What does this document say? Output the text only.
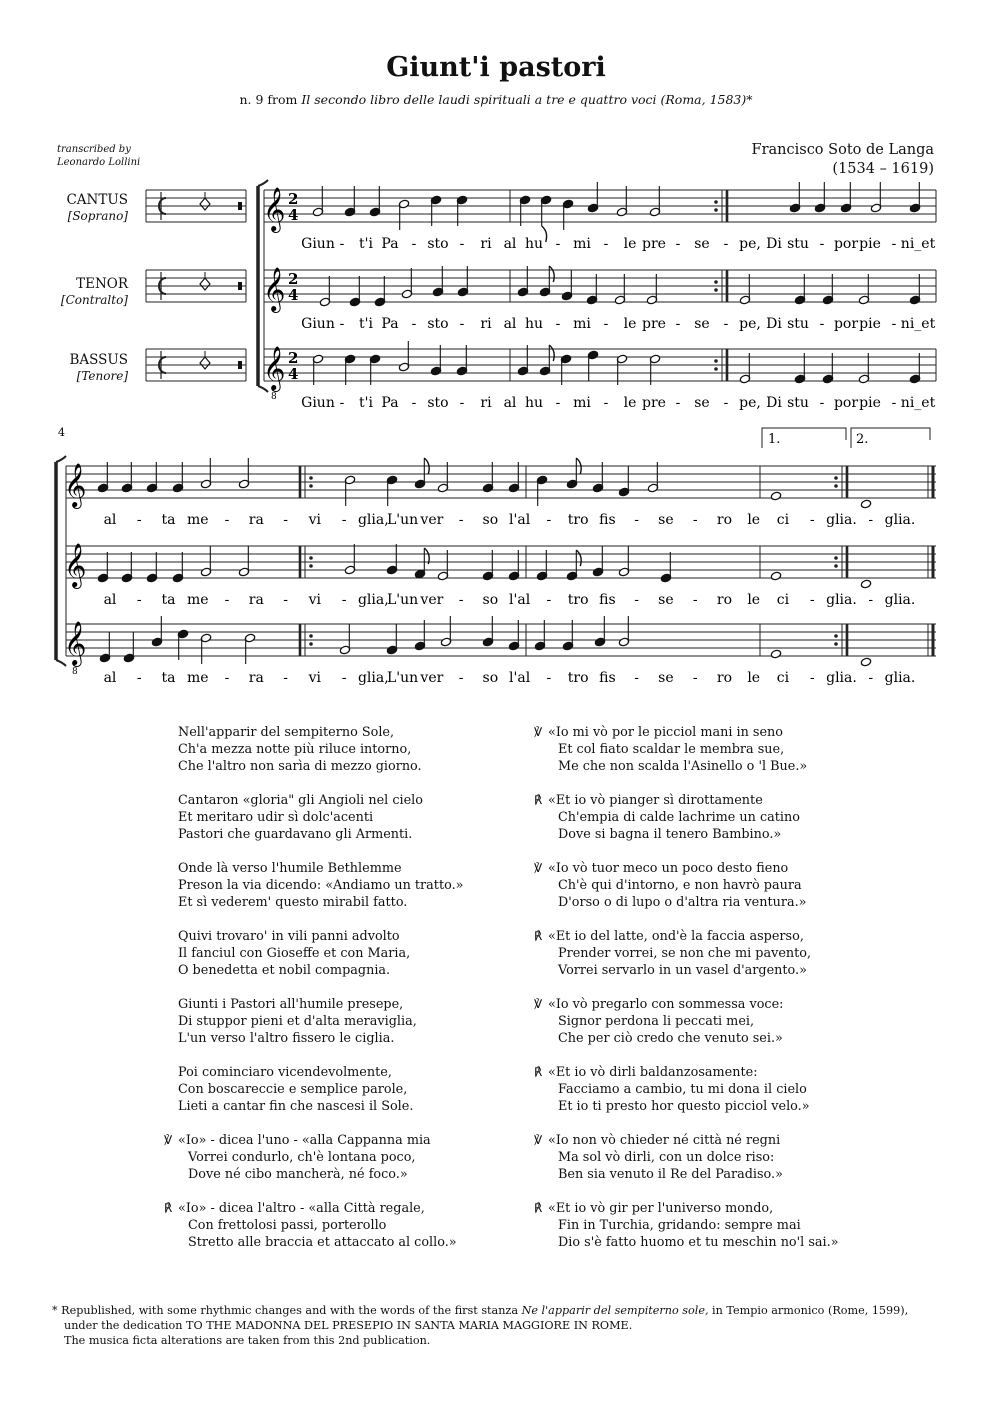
Giunt'i pastori
n. 9 from Il secondo libro delle laudi spirituali a tre e quattro voci (Roma, 1583)*
transcribed by
Leonardo Lollini
Francisco Soto de Langa
(1534 – 1619)
CANTUS
[Soprano]
TENOR
[Contralto]
BASSUS
[Tenore]
𝄞 2
4
𝄞 2
4
𝄞
8
2
4
𝄞
𝄞
𝄞
8
Giun - t'i Pa - sto - ri al hu - mi - le pre - se - pe, Di stu - por pie - ni_et
Giun - t'i Pa - sto - ri al hu - mi - le pre - se - pe, Di stu - por pie - ni_et
Giun - t'i Pa - sto - ri al hu - mi - le pre - se - pe, Di stu - por pie - ni_et
al - ta me - ra - vi - glia,
L'un ver - so l'al - tro fis - se - ro le ci - glia. - glia.
al - ta me - ra - vi - glia,
L'un ver - so l'al - tro fis - se - ro le ci - glia. - glia.
al - ta me - ra - vi - glia,
L'un ver - so l'al - tro fis - se - ro le ci - glia. - glia.
4	1.	2.
Nell'apparir del sempiterno Sole,
Ch'a mezza notte più riluce intorno,
Che l'altro non sarìa di mezzo giorno.
Cantaron «gloria" gli Angioli nel cielo
Et meritaro udir sì dolc'acenti
Pastori che guardavano gli Armenti.
Onde là verso l'humile Bethlemme
Preson la via dicendo: «Andiamo un tratto.»
Et sì vederem' questo mirabil fatto.
Quivi trovaro' in vili panni advolto
Il fanciul con Gioseffe et con Maria,
O benedetta et nobil compagnia.
Giunti i Pastori all'humile presepe,
Di stuppor pieni et d'alta meraviglia,
L'un verso l'altro fissero le ciglia.
Poi cominciaro vicendevolmente,
Con boscareccie e semplice parole,
Lieti a cantar fin che nascesi il Sole.
℣ «Io» - dicea l'uno - «alla Cappanna mia
Vorrei condurlo, ch'è lontana poco,
Dove né cibo mancherà, né foco.»
℟ «Io» - dicea l'altro - «alla Città regale,
Con frettolosi passi, porterollo
Stretto alle braccia et attaccato al collo.»
℣ «Io mi vò por le picciol mani in seno
Et col fiato scaldar le membra sue,
Me che non scalda l'Asinello o 'l Bue.»
℟ «Et io vò pianger sì dirottamente
Ch'empia di calde lachrime un catino
Dove si bagna il tenero Bambino.»
℣ «Io vò tuor meco un poco desto fieno
Ch'è qui d'intorno, e non havrò paura
D'orso o di lupo o d'altra ria ventura.»
℟ «Et io del latte, ond'è la faccia asperso,
Prender vorrei, se non che mi pavento,
Vorrei servarlo in un vasel d'argento.»
℣ «Io vò pregarlo con sommessa voce:
Signor perdona li peccati mei,
Che per ciò credo che venuto sei.»
℟ «Et io vò dirli baldanzosamente:
Facciamo a cambio, tu mi dona il cielo
Et io ti presto hor questo picciol velo.»
℣ «Io non vò chieder né città né regni
Ma sol vò dirli, con un dolce riso:
Ben sia venuto il Re del Paradiso.»
℟ «Et io vò gir per l'universo mondo,
Fin in Turchia, gridando: sempre mai
Dio s'è fatto huomo et tu meschin no'l sai.»
* Republished, with some rhythmic changes and with the words of the first stanza Ne l'apparir del sempiterno sole, in Tempio armonico (Rome, 1599),
under the dedication TO THE MADONNA DEL PRESEPIO IN SANTA MARIA MAGGIORE IN ROME.
The musica ficta alterations are taken from this 2nd publication.
